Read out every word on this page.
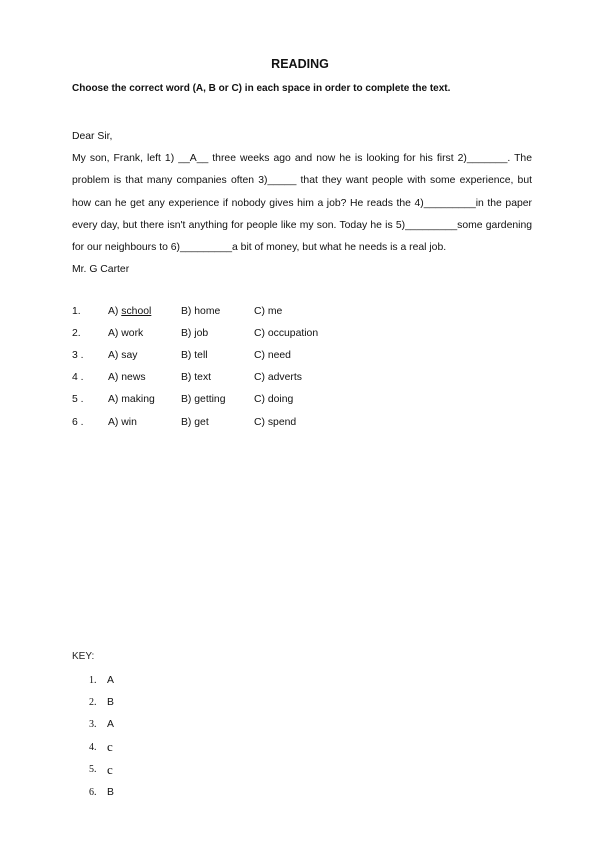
READING
Choose the correct word (A, B or C) in each space in order to complete the text.

Dear Sir,

My son, Frank, left 1) __A__ three weeks ago and now he is looking for his first 2)_______. The problem is that many companies often 3)_____ that they want people with some experience, but how can he get any experience if nobody gives him a job? He reads the 4)_________in the paper every day, but there isn't anything for people like my son. Today he is 5)_________some gardening for our neighbours to 6)_________a bit of money, but what he needs is a real job.

Mr. G Carter

1.	A) school	B) home	C) me
2.	A) work	B) job	C) occupation
3 .	A) say	B) tell	C) need
4 .	A) news	B) text	C) adverts
5 .	A) making	B) getting	C) doing
6 .	A) win	B) get	C) spend
KEY:
1.	A
2.	B
3.	A
4. c
5. c
6.	B
